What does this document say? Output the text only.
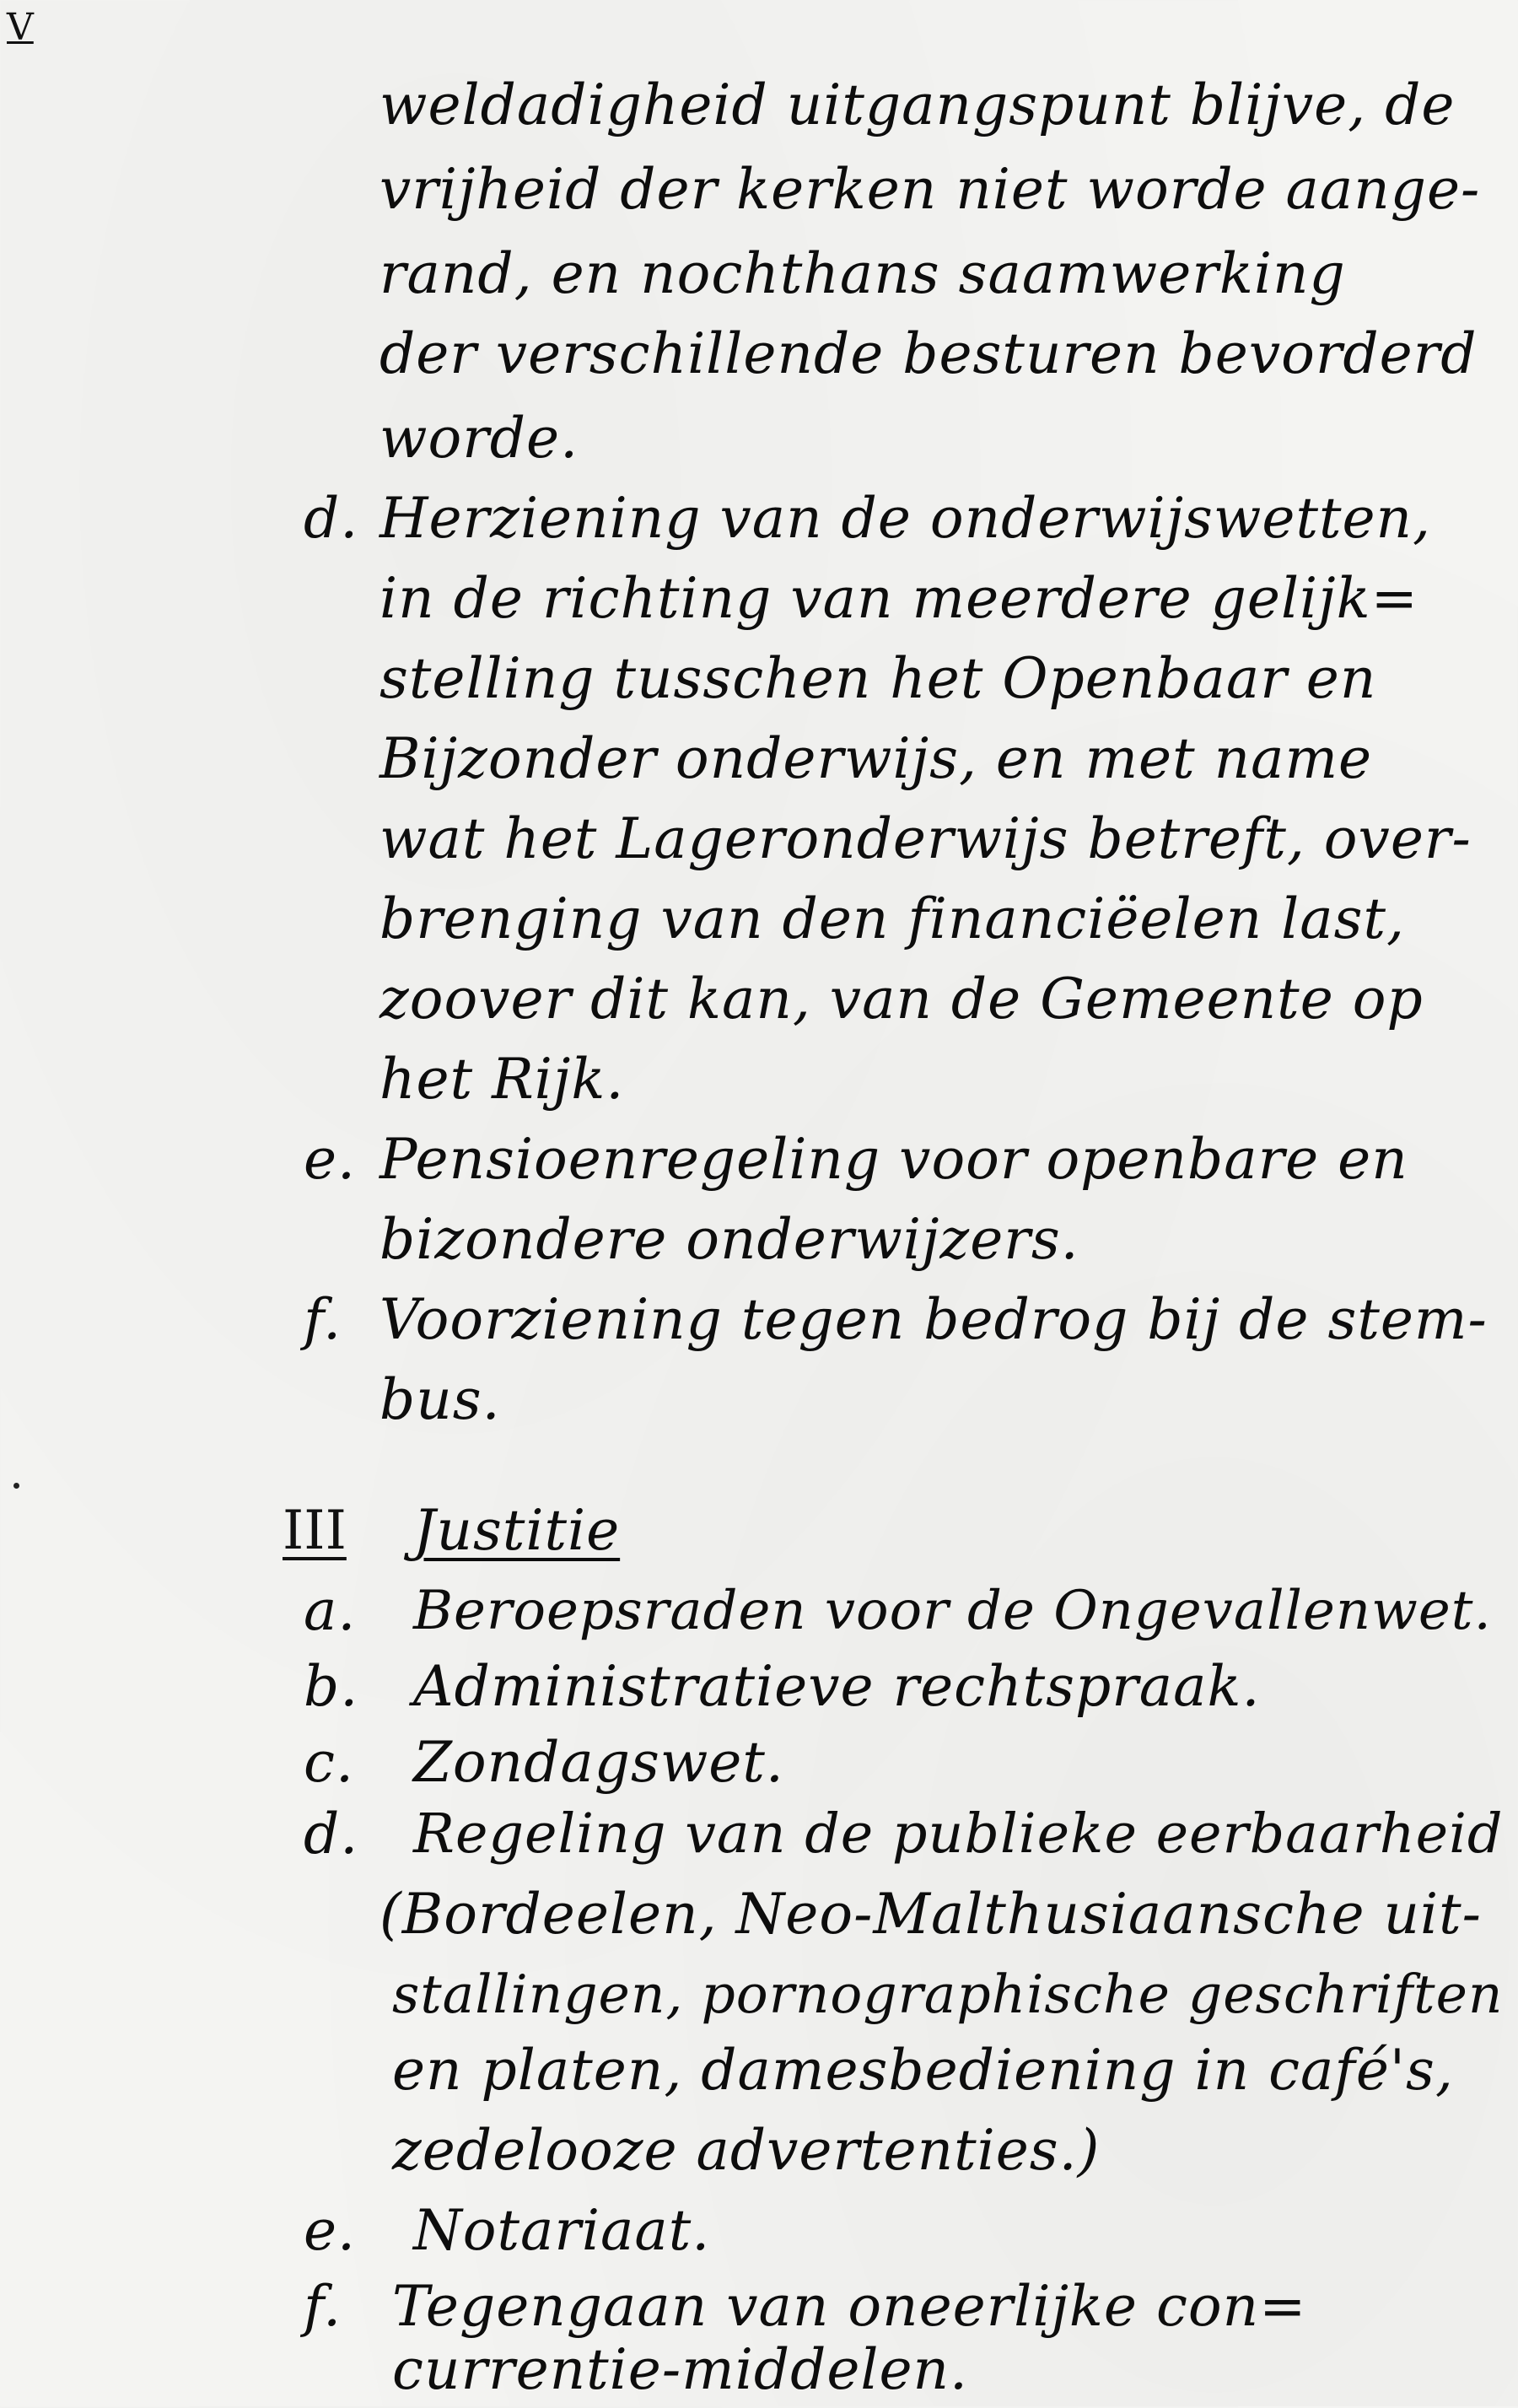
V
weldadigheid uitgangspunt blijve, de
vrijheid der kerken niet worde aange-
rand, en nochthans saamwerking
der verschillende besturen bevorderd
worde.
d. Herziening van de onderwijswetten,
in de richting van meerdere gelijk=
stelling tusschen het Openbaar en
Bijzonder onderwijs, en met name
wat het Lageronderwijs betreft, over-
brenging van den financiëelen last,
zoover dit kan, van de Gemeente op
het Rijk.
e. Pensioenregeling voor openbare en
bizondere onderwijzers.
f. Voorziening tegen bedrog bij de stem-
bus.
III Justitie
a. Beroepsraden voor de Ongevallenwet.
b. Administratieve rechtspraak.
c. Zondagswet.
d. Regeling van de publieke eerbaarheid
(Bordeelen, Neo-Malthusiaansche uit-
stallingen, pornographische geschriften
en platen, damesbediening in café's,
zedelooze advertenties.)
e. Notariaat.
f. Tegengaan van oneerlijke con=
currentie-middelen.
